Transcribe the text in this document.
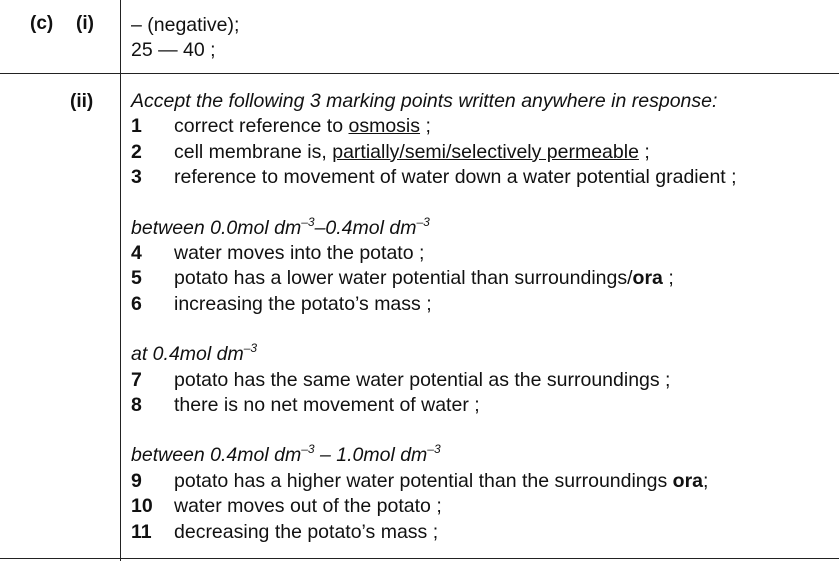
(c) (i)
(ii)
– (negative);
25 — 40 ;
Accept the following 3 marking points written anywhere in response:
1 correct reference to osmosis ;
2 cell membrane is, partially/semi/selectively permeable ;
3 reference to movement of water down a water potential gradient ;
between 0.0mol $dm^{-3}-0.4mol$ $dm^{-3}$
4 water moves into the potato ;
5 potato has a lower water potential than surroundings/ora ;
6 increasing the potato’s mass ;
at 0.4mol $dm^{-3}$
7 potato has the same water potential as the surroundings ;
8 there is no net movement of water ;
between 0.4mol $dm^{-3} - 1.0mol$ $dm^{-3}$
9 potato has a higher water potential than the surroundings ora;
10 water moves out of the potato ;
11 decreasing the potato’s mass ;
